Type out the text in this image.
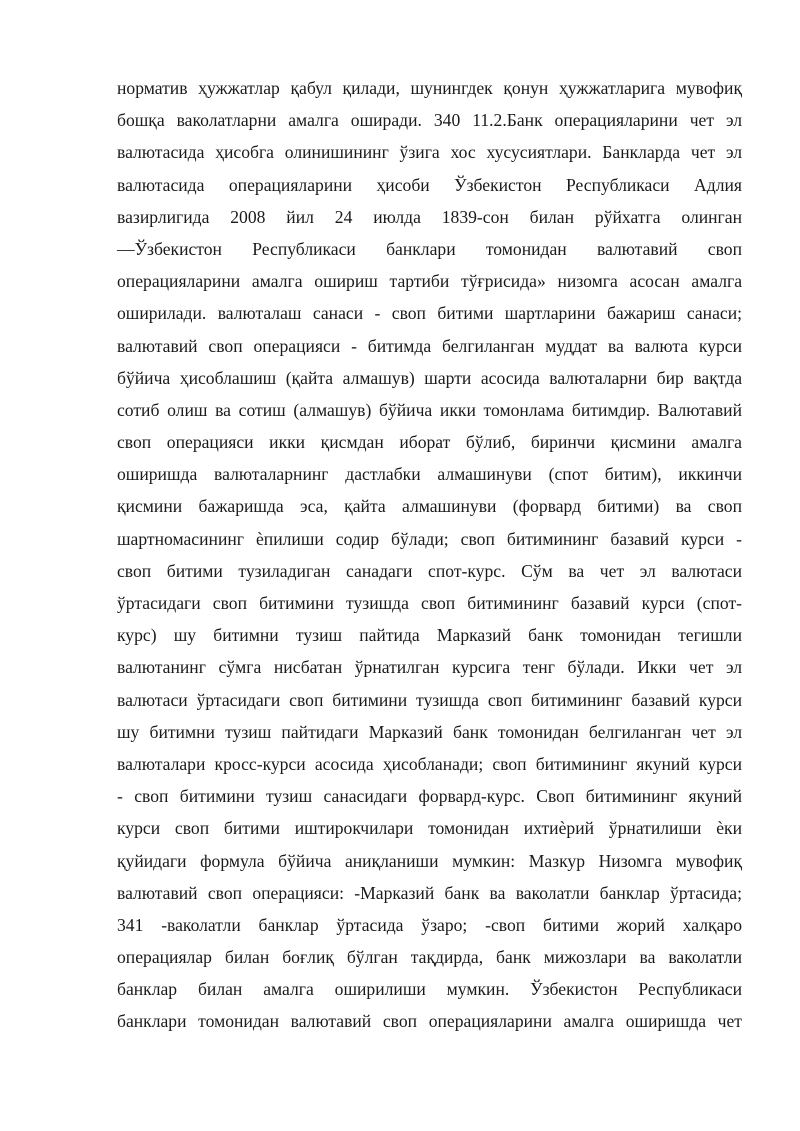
норматив ҳужжатлар қабул қилади, шунингдек қонун ҳужжатларига мувофиқ
бошқа ваколатларни амалга оширади. 340 11.2.Банк операцияларини чет эл
валютасида ҳисобга олинишининг ўзига хос хусусиятлари. Банкларда чет эл
валютасида операцияларини ҳисоби Ўзбекистон Республикаси Адлия
вазирлигида 2008 йил 24 июлда 1839-сон билан рўйхатга олинган
―Ўзбекистон Республикаси банклари томонидан валютавий своп
операцияларини амалга ошириш тартиби тўғрисида» низомга асосан амалга
оширилади. валюталаш санаси - своп битими шартларини бажариш санаси;
валютавий своп операцияси - битимда белгиланган муддат ва валюта курси
бўйича ҳисоблашиш (қайта алмашув) шарти асосида валюталарни бир вақтда
сотиб олиш ва сотиш (алмашув) бўйича икки томонлама битимдир. Валютавий
своп операцияси икки қисмдан иборат бўлиб, биринчи қисмини амалга
оширишда валюталарнинг дастлабки алмашинуви (спот битим), иккинчи
қисмини бажаришда эса, қайта алмашинуви (форвард битими) ва своп
шартномасининг ѐпилиши содир бўлади; своп битимининг базавий курси -
своп битими тузиладиган санадаги спот-курс. Сўм ва чет эл валютаси
ўртасидаги своп битимини тузишда своп битимининг базавий курси (спот-
курс) шу битимни тузиш пайтида Марказий банк томонидан тегишли
валютанинг сўмга нисбатан ўрнатилган курсига тенг бўлади. Икки чет эл
валютаси ўртасидаги своп битимини тузишда своп битимининг базавий курси
шу битимни тузиш пайтидаги Марказий банк томонидан белгиланган чет эл
валюталари кросс-курси асосида ҳисобланади; своп битимининг якуний курси
- своп битимини тузиш санасидаги форвард-курс. Своп битимининг якуний
курси своп битими иштирокчилари томонидан ихтиѐрий ўрнатилиши ѐки
қуйидаги формула бўйича аниқланиши мумкин: Мазкур Низомга мувофиқ
валютавий своп операцияси: -Марказий банк ва ваколатли банклар ўртасида;
341 -ваколатли банклар ўртасида ўзаро; -своп битими жорий халқаро
операциялар билан боғлиқ бўлган тақдирда, банк мижозлари ва ваколатли
банклар билан амалга оширилиши мумкин. Ўзбекистон Республикаси
банклари томонидан валютавий своп операцияларини амалга оширишда чет
